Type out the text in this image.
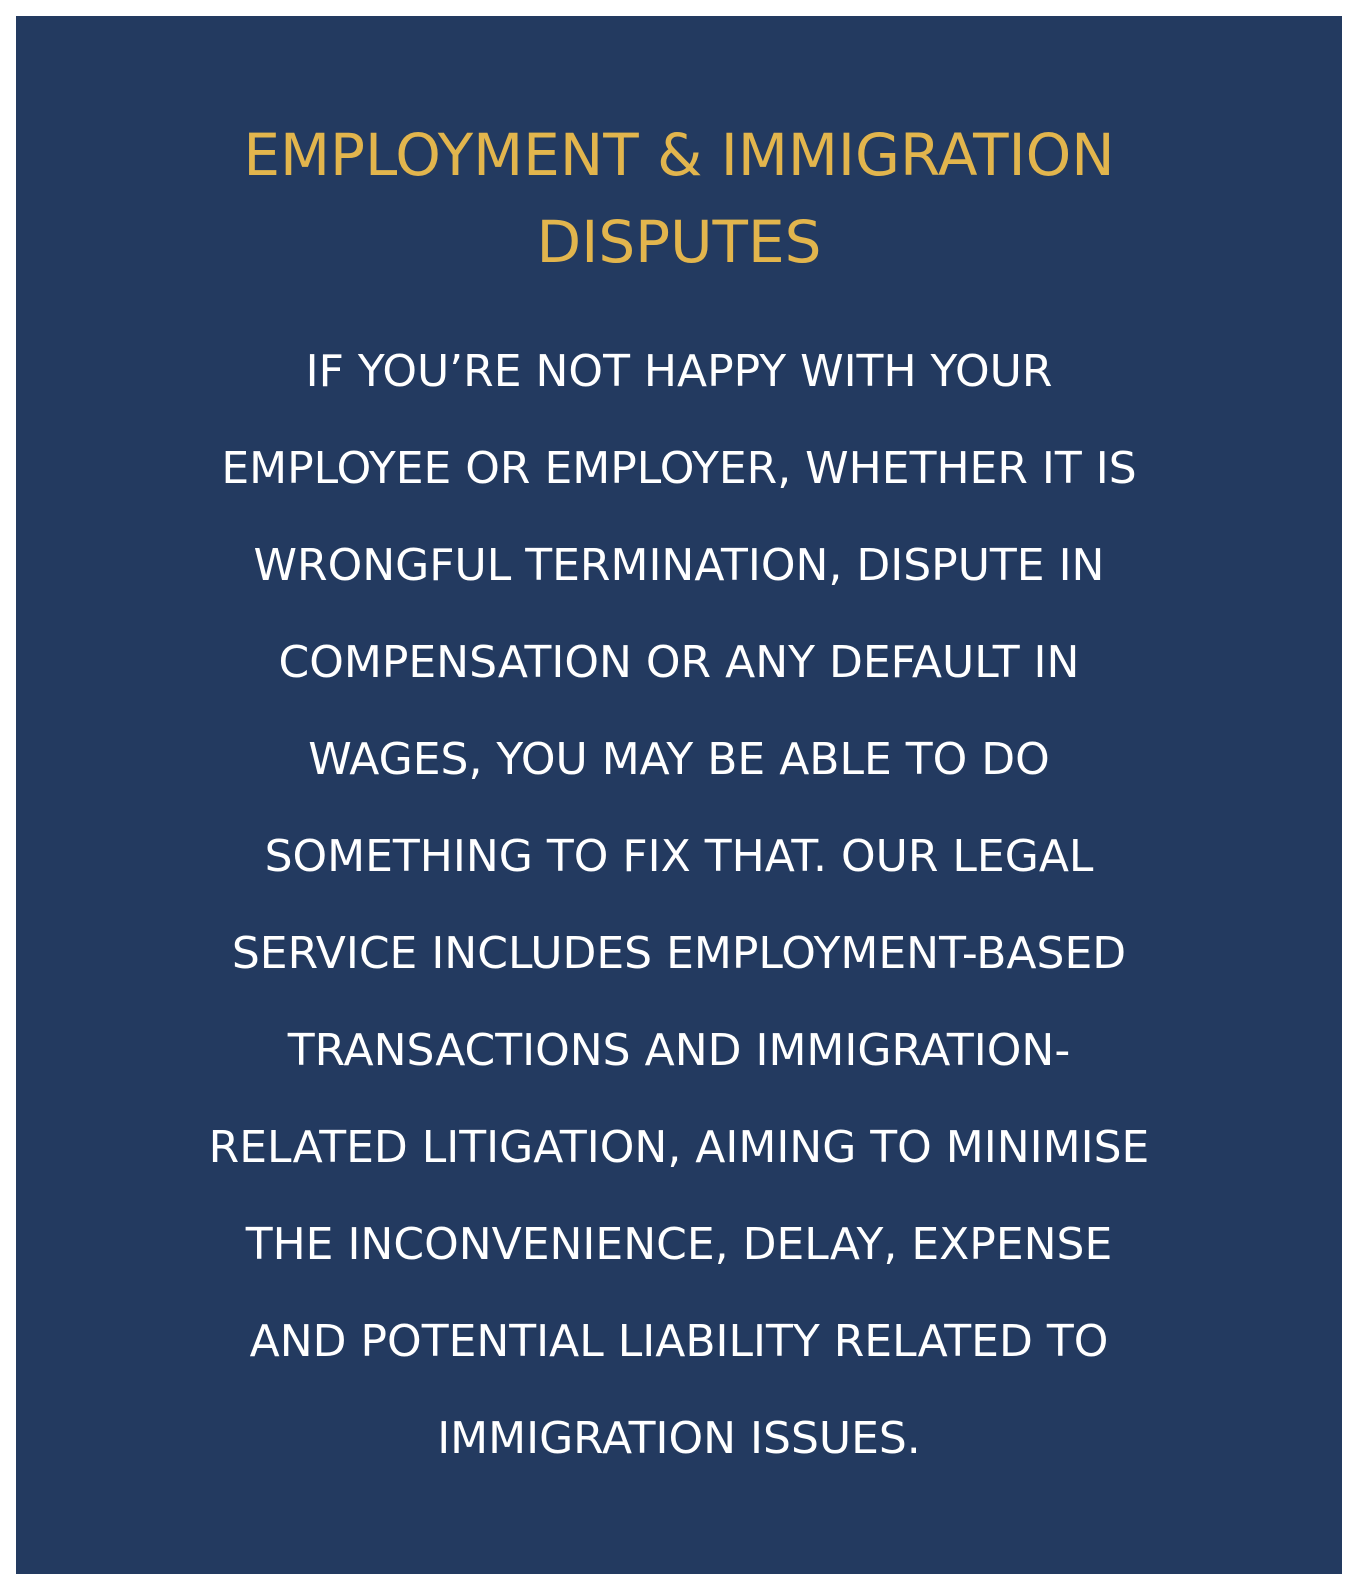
EMPLOYMENT & IMMIGRATION
DISPUTES

IF YOU’RE NOT HAPPY WITH YOUR
EMPLOYEE OR EMPLOYER, WHETHER IT IS
WRONGFUL TERMINATION, DISPUTE IN
COMPENSATION OR ANY DEFAULT IN
WAGES, YOU MAY BE ABLE TO DO
SOMETHING TO FIX THAT. OUR LEGAL
SERVICE INCLUDES EMPLOYMENT-BASED
TRANSACTIONS AND IMMIGRATION-
RELATED LITIGATION, AIMING TO MINIMISE
THE INCONVENIENCE, DELAY, EXPENSE
AND POTENTIAL LIABILITY RELATED TO
IMMIGRATION ISSUES.
